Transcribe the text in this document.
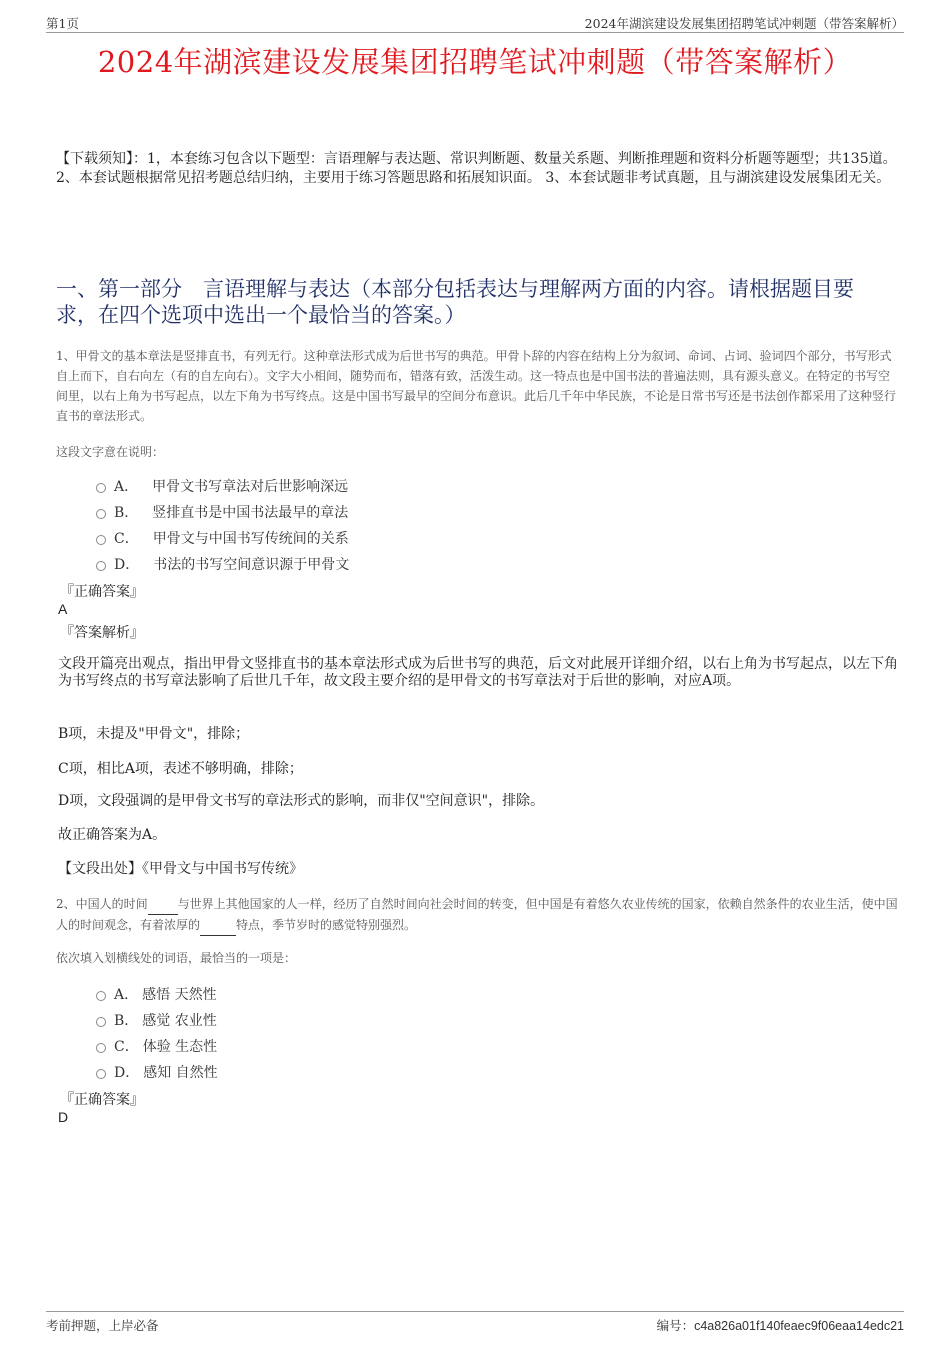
第1页	2024年湖滨建设发展集团招聘笔试冲刺题（带答案解析）
2024年湖滨建设发展集团招聘笔试冲刺题（带答案解析）
【下载须知】：1，本套练习包含以下题型：言语理解与表达题、常识判断题、数量关系题、判断推理题和资料分析题等题型；共135道。 2、本套试题根据常见招考题总结归纳，主要用于练习答题思路和拓展知识面。 3、本套试题非考试真题，且与湖滨建设发展集团无关。
一、第一部分　言语理解与表达（本部分包括表达与理解两方面的内容。请根据题目要求，在四个选项中选出一个最恰当的答案。）
1、甲骨文的基本章法是竖排直书，有列无行。这种章法形式成为后世书写的典范。甲骨卜辞的内容在结构上分为叙词、命词、占词、验词四个部分，书写形式自上而下，自右向左（有的自左向右）。文字大小相间，随势而布，错落有致，活泼生动。这一特点也是中国书法的普遍法则，具有源头意义。在特定的书写空间里，以右上角为书写起点，以左下角为书写终点。这是中国书写最早的空间分布意识。此后几千年中华民族，不论是日常书写还是书法创作都采用了这种竖行直书的章法形式。
这段文字意在说明：
A． 甲骨文书写章法对后世影响深远
B． 竖排直书是中国书法最早的章法
C． 甲骨文与中国书写传统间的关系
D． 书法的书写空间意识源于甲骨文
『正确答案』
A
『答案解析』
文段开篇亮出观点，指出甲骨文竖排直书的基本章法形式成为后世书写的典范，后文对此展开详细介绍，以右上角为书写起点，以左下角为书写终点的书写章法影响了后世几千年，故文段主要介绍的是甲骨文的书写章法对于后世的影响，对应A项。
B项，未提及"甲骨文"，排除；
C项，相比A项，表述不够明确，排除；
D项，文段强调的是甲骨文书写的章法形式的影响，而非仅"空间意识"，排除。
故正确答案为A。
【文段出处】《甲骨文与中国书写传统》
2、中国人的时间	与世界上其他国家的人一样，经历了自然时间向社会时间的转变，但中国是有着悠久农业传统的国家，依赖自然条件的农业生活，使中国人的时间观念，有着浓厚的	特点，季节岁时的感觉特别强烈。
依次填入划横线处的词语，最恰当的一项是：
A． 感悟 天然性
B． 感觉 农业性
C． 体验 生态性
D． 感知 自然性
『正确答案』
D
考前押题，上岸必备	编号：c4a826a01f140feaec9f06eaa14edc21
